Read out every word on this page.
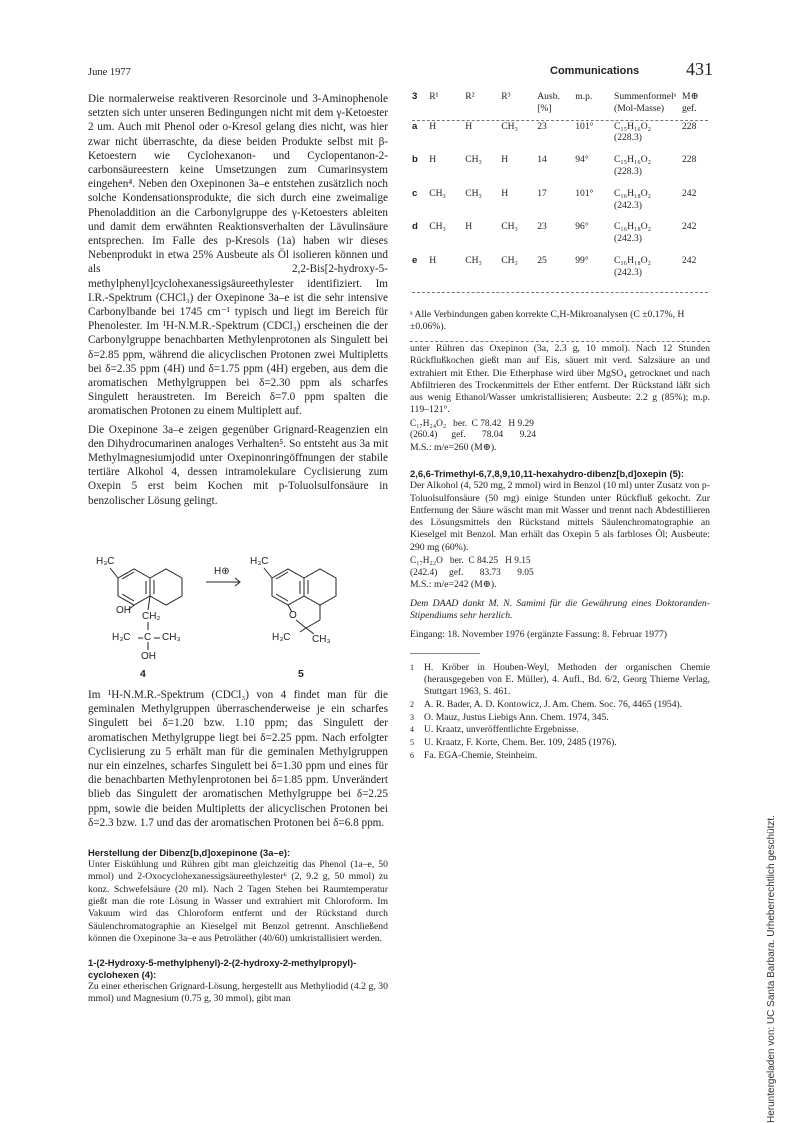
June 1977	Communications	431

Die normalerweise reaktiveren Resorcinole und 3-Aminophenole setzten sich unter unseren Bedingungen nicht mit dem γ-Ketoester 2 um. Auch mit Phenol oder o-Kresol gelang dies nicht, was hier zwar nicht überraschte, da diese beiden Produkte selbst mit β-Ketoestern wie Cyclohexanon- und Cyclopentanon-2-carbonsäureestern keine Umsetzungen zum Cumarinsystem eingehen⁴. Neben den Oxepinonen 3a–e entstehen zusätzlich noch solche Kondensationsprodukte, die sich durch eine zweimalige Phenoladdition an die Carbonylgruppe des γ-Ketoesters ableiten und damit dem erwähnten Reaktionsverhalten der Lävulinsäure entsprechen. Im Falle des p-Kresols (1a) haben wir dieses Nebenprodukt in etwa 25% Ausbeute als Öl isolieren können und als 2,2-Bis[2-hydroxy-5-methylphenyl]cyclohexanessigsäureethylester identifiziert. Im I.R.-Spektrum (CHCl₃) der Oxepinone 3a–e ist die sehr intensive Carbonylbande bei 1745 cm⁻¹ typisch und liegt im Bereich für Phenolester. Im ¹H-N.M.R.-Spektrum (CDCl₃) erscheinen die der Carbonylgruppe benachbarten Methylenprotonen als Singulett bei δ=2.85 ppm, während die alicyclischen Protonen zwei Multipletts bei δ=2.35 ppm (4H) und δ=1.75 ppm (4H) ergeben, aus dem die aromatischen Methylgruppen bei δ=2.30 ppm als scharfes Singulett heraustreten. Im Bereich δ=7.0 ppm spalten die aromatischen Protonen zu einem Multiplett auf.

Die Oxepinone 3a–e zeigen gegenüber Grignard-Reagenzien ein den Dihydrocumarinen analoges Verhalten⁵. So entsteht aus 3a mit Methylmagnesiumjodid unter Oxepinonringöffnungen der stabile tertiäre Alkohol 4, dessen intramolekulare Cyclisierung zum Oxepin 5 erst beim Kochen mit p-Toluolsulfonsäure in benzolischer Lösung gelingt.

H₃C
OH
CH₂
H₃C C CH₃
OH
H⊕
H₃C
O
H₃C CH₃
4	5

Im ¹H-N.M.R.-Spektrum (CDCl₃) von 4 findet man für die geminalen Methylgruppen überraschenderweise je ein scharfes Singulett bei δ=1.20 bzw. 1.10 ppm; das Singulett der aromatischen Methylgruppe liegt bei δ=2.25 ppm. Nach erfolgter Cyclisierung zu 5 erhält man für die geminalen Methylgruppen nur ein einzelnes, scharfes Singulett bei δ=1.30 ppm und eines für die benachbarten Methylenprotonen bei δ=1.85 ppm. Unverändert blieb das Singulett der aromatischen Methylgruppe bei δ=2.25 ppm, sowie die beiden Multipletts der alicyclischen Protonen bei δ=2.3 bzw. 1.7 und das der aromatischen Protonen bei δ=6.8 ppm.

Herstellung der Dibenz[b,d]oxepinone (3a–e):

Unter Eiskühlung und Rühren gibt man gleichzeitig das Phenol (1a–e, 50 mmol) und 2-Oxocyclohexanessigsäureethylester⁶ (2, 9.2 g, 50 mmol) zu konz. Schwefelsäure (20 ml). Nach 2 Tagen Stehen bei Raumtemperatur gießt man die rote Lösung in Wasser und extrahiert mit Chloroform. Im Vakuum wird das Chloroform entfernt und der Rückstand durch Säulenchromatographie an Kieselgel mit Benzol getrennt. Anschließend können die Oxepinone 3a–e aus Petroläther (40/60) umkristallisiert werden.

1-(2-Hydroxy-5-methylphenyl)-2-(2-hydroxy-2-methylpropyl)-cyclohexen (4):

Zu einer etherischen Grignard-Lösung, hergestellt aus Methyliodid (4.2 g, 30 mmol) und Magnesium (0.75 g, 30 mmol), gibt man

3	R¹	R²	R³	Ausb. [%]	m.p.	Summenformelᵃ (Mol-Masse)	M⊕ gef.

a	H	H	CH₃	23	101°	C₁₅H₁₆O₂
(228.3)	228

b	H	CH₃	H	14	94°	C₁₅H₁₆O₂
(228.3)	228

c	CH₃	CH₃	H	17	101°	C₁₆H₁₈O₂
(242.3)	242

d	CH₃	H	CH₃	23	96°	C₁₆H₁₈O₂
(242.3)	242

e	H	CH₃	CH₃	25	99°	C₁₆H₁₈O₂
(242.3)	242

ᵃ Alle Verbindungen gaben korrekte C,H-Mikroanalysen (C ±0.17%, H ±0.06%).

unter Rühren das Oxepinon (3a, 2.3 g, 10 mmol). Nach 12 Stunden Rückflußkochen gießt man auf Eis, säuert mit verd. Salzsäure an und extrahiert mit Ether. Die Etherphase wird über MgSO₄ getrocknet und nach Abfiltrieren des Trockenmittels der Ether entfernt. Der Rückstand läßt sich aus wenig Ethanol/Wasser umkristallisieren; Ausbeute: 2.2 g (85%); m.p. 119–121°.

C₁₇H₂₄O₂   ber.  C 78.42   H 9.29
(260.4)      gef.       78.04       9.24

M.S.: m/e=260 (M⊕).

2,6,6-Trimethyl-6,7,8,9,10,11-hexahydro-dibenz[b,d]oxepin (5):

Der Alkohol (4, 520 mg, 2 mmol) wird in Benzol (10 ml) unter Zusatz von p-Toluolsulfonsäure (50 mg) einige Stunden unter Rückfluß gekocht. Zur Entfernung der Säure wäscht man mit Wasser und trennt nach Abdestillieren des Lösungsmittels den Rückstand mittels Säulenchromatographie an Kieselgel mit Benzol. Man erhält das Oxepin 5 als farbloses Öl; Ausbeute: 290 mg (60%).

C₁₇H₂₂O   ber.  C 84.25   H 9.15
(242.4)     gef.       83.73       9.05

M.S.: m/e=242 (M⊕).

Dem DAAD dankt M. N. Samimi für die Gewährung eines Doktoranden-Stipendiums sehr herzlich.

Eingang: 18. November 1976 (ergänzte Fassung: 8. Februar 1977)

1	H. Kröber in Houben-Weyl, Methoden der organischen Chemie (herausgegeben von E. Müller), 4. Aufl., Bd. 6/2, Georg Thieme Verlag, Stuttgart 1963, S. 461.
2	A. R. Bader, A. D. Kontowicz, J. Am. Chem. Soc. 76, 4465 (1954).
3	O. Mauz, Justus Liebigs Ann. Chem. 1974, 345.
4	U. Kraatz, unveröffentlichte Ergebnisse.
5	U. Kraatz, F. Korte, Chem. Ber. 109, 2485 (1976).
6	Fa. EGA-Chemie, Steinheim.
Heruntergeladen von: UC Santa Barbara. Urheberrechtlich geschützt.
